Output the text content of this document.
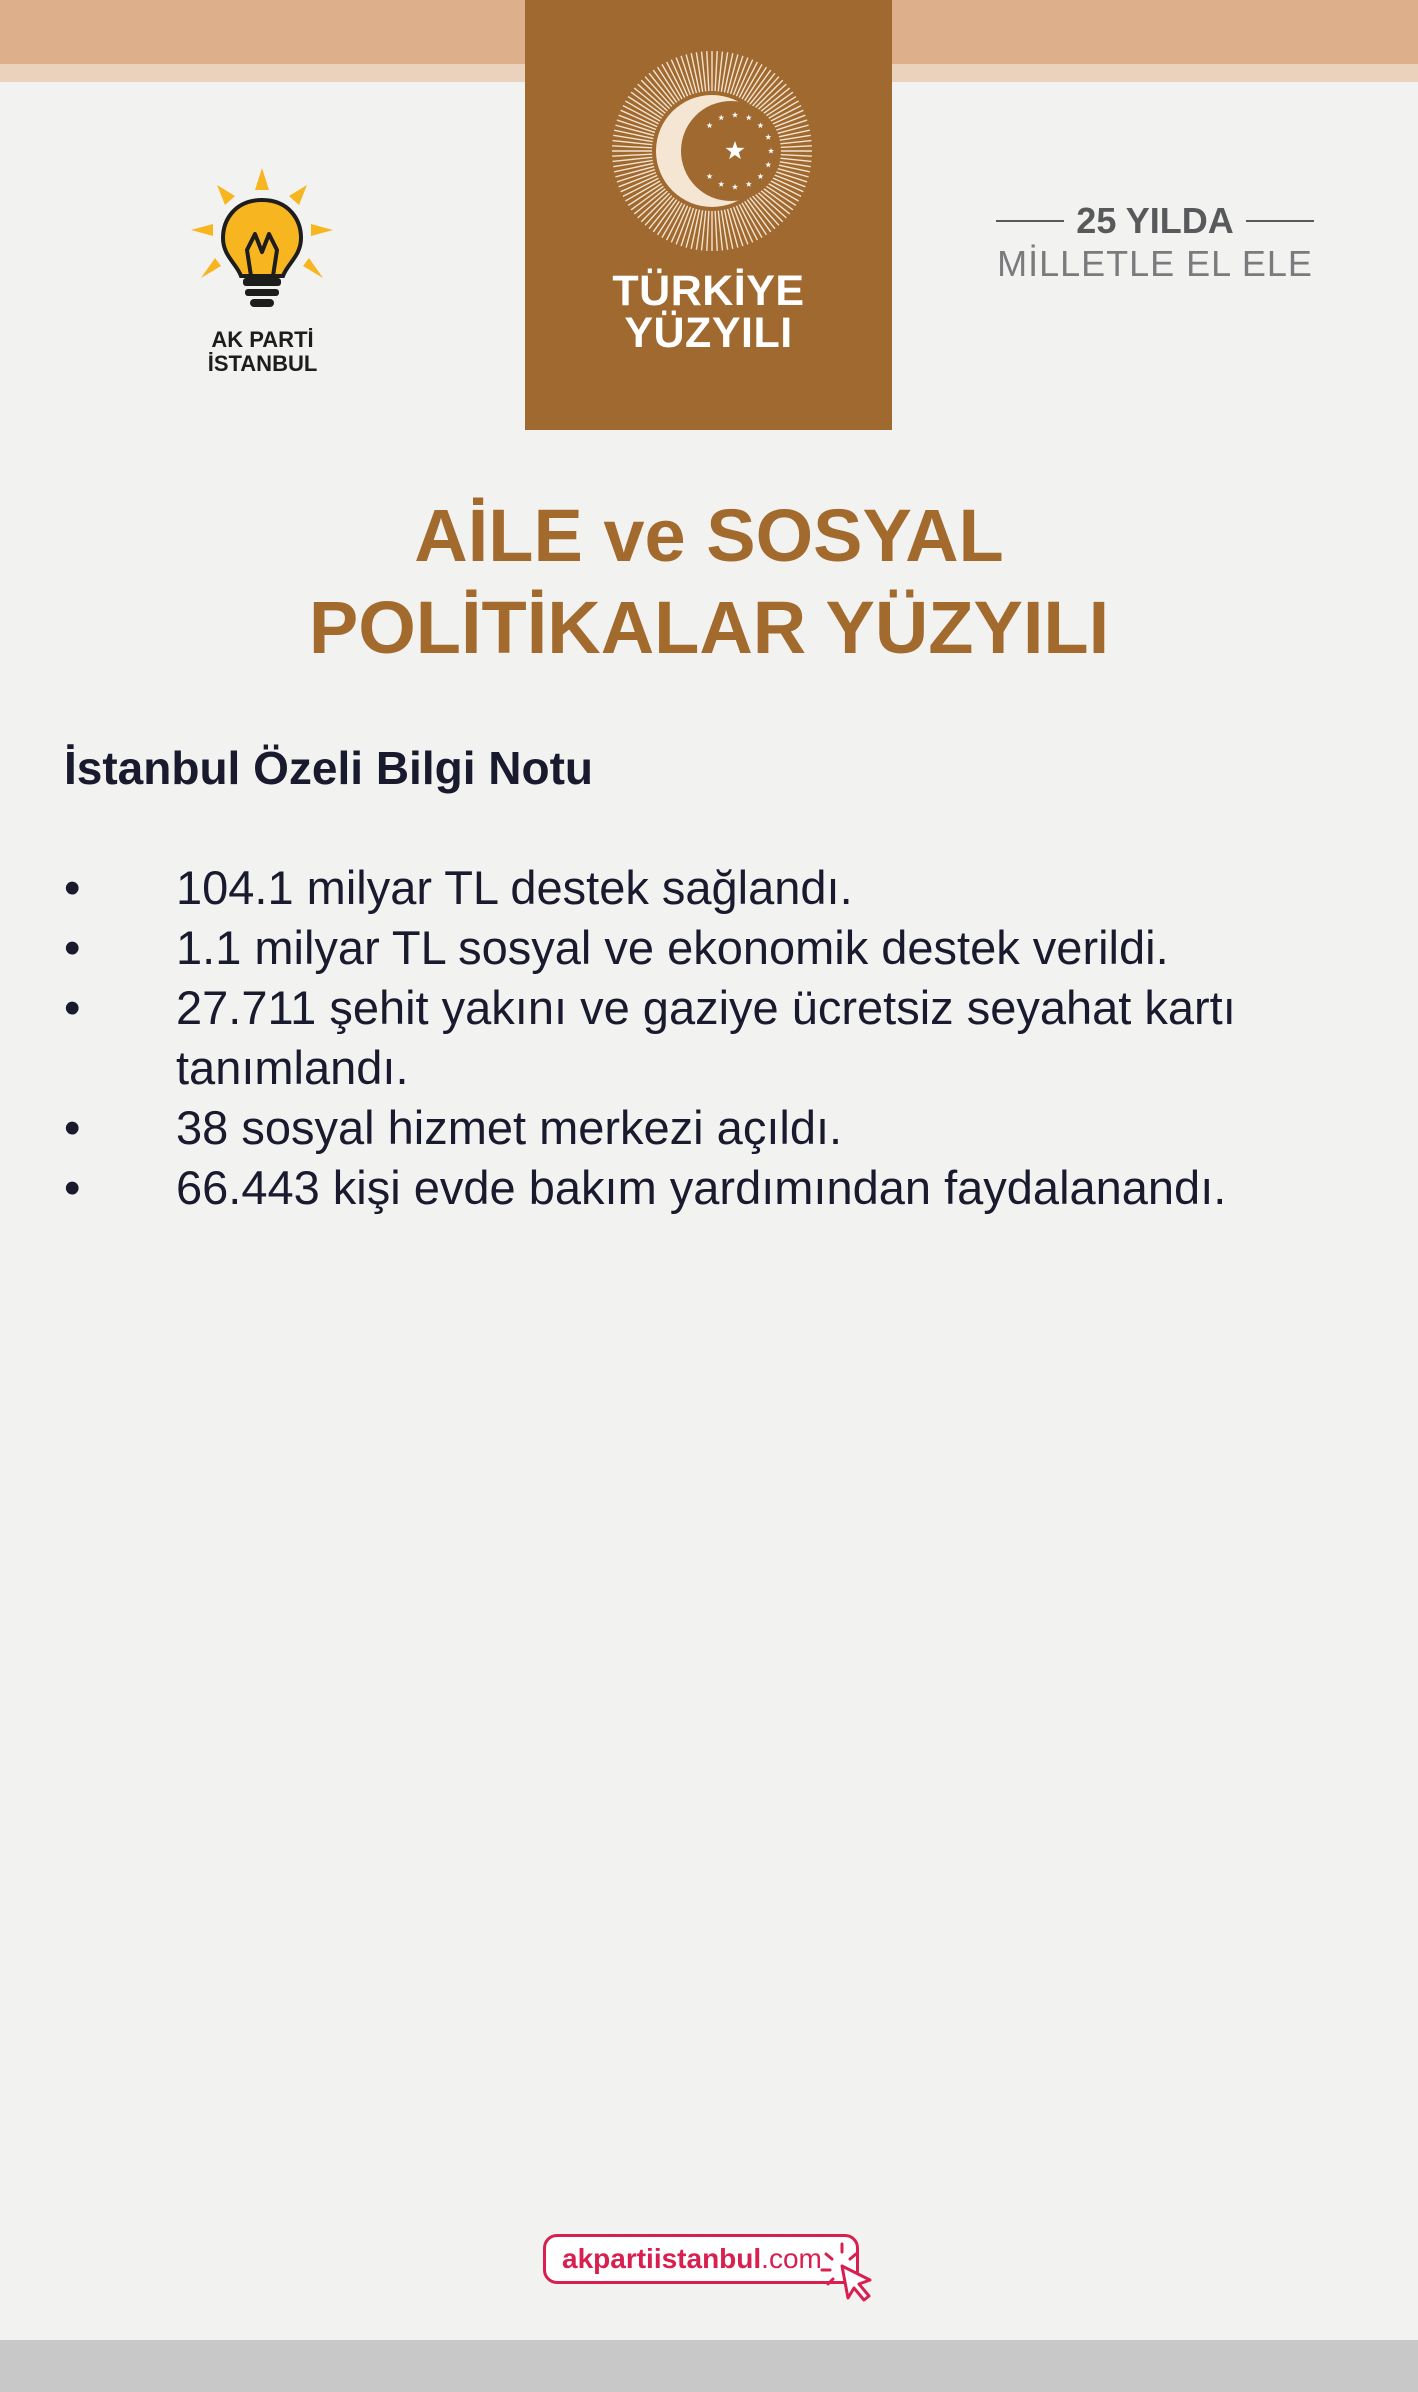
TÜRKİYE
YÜZYILI
AK PARTİ
İSTANBUL
25 YILDA
MİLLETLE EL ELE
AİLE ve SOSYAL
POLİTİKALAR YÜZYILI
İstanbul Özeli Bilgi Notu
•	104.1 milyar TL destek sağlandı.
•	1.1 milyar TL sosyal ve ekonomik destek verildi.
•	27.711 şehit yakını ve gaziye ücretsiz seyahat kartı tanımlandı.
•	38 sosyal hizmet merkezi açıldı.
•	66.443 kişi evde bakım yardımından faydalanandı.
akpartiistanbul.com
